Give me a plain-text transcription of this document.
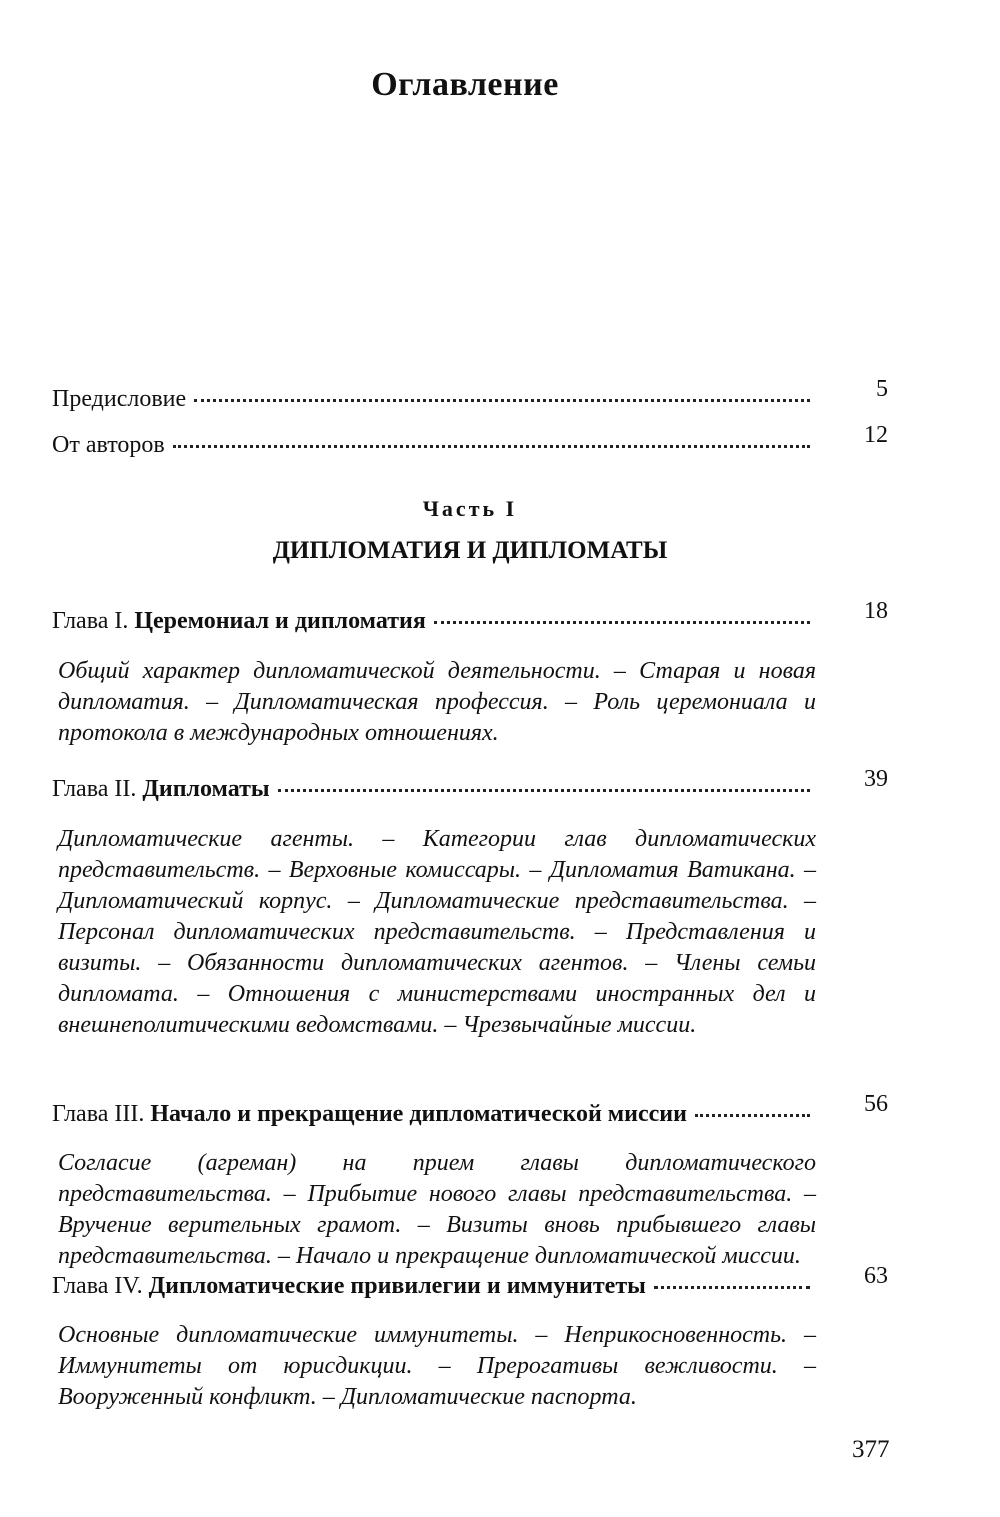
Оглавление
Предисловие	5
От авторов	12
Часть I
ДИПЛОМАТИЯ И ДИПЛОМАТЫ
Глава I. Церемониал и дипломатия	18
Общий характер дипломатической деятельности. – Старая и новая дипломатия. – Дипломатическая профессия. – Роль церемониала и протокола в международных отношениях.
Глава II. Дипломаты	39
Дипломатические агенты. – Категории глав дипломатических представительств. – Верховные комиссары. – Дипломатия Ватикана. – Дипломатический корпус. – Дипломатические представительства. – Персонал дипломатических представительств. – Представления и визиты. – Обязанности дипломатических агентов. – Члены семьи дипломата. – Отношения с министерствами иностранных дел и внешнеполитическими ведомствами. – Чрезвычайные миссии.
Глава III. Начало и прекращение дипломатической миссии	56
Согласие (агреман) на прием главы дипломатического представительства. – Прибытие нового главы представительства. – Вручение верительных грамот. – Визиты вновь прибывшего главы представительства. – Начало и прекращение дипломатической миссии.
Глава IV. Дипломатические привилегии и иммунитеты	63
Основные дипломатические иммунитеты. – Неприкосновенность. – Иммунитеты от юрисдикции. – Прерогативы вежливости. – Вооруженный конфликт. – Дипломатические паспорта.
377
